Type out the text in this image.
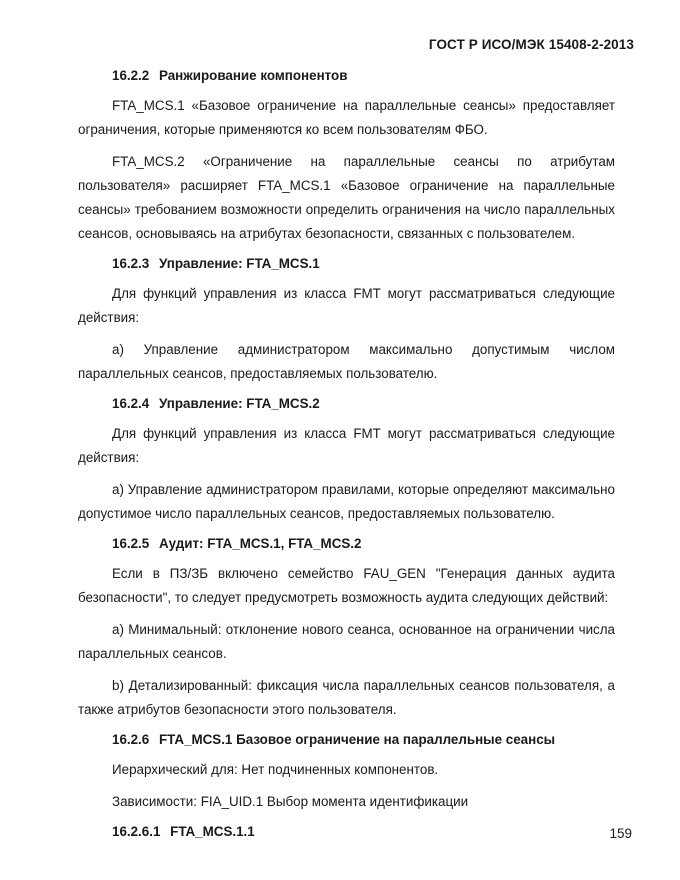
ГОСТ Р ИСО/МЭК 15408-2-2013
16.2.2 Ранжирование компонентов

FTA_MCS.1 «Базовое ограничение на параллельные сеансы» предоставляет ограничения, которые применяются ко всем пользователям ФБО.

FTA_MCS.2 «Ограничение на параллельные сеансы по атрибутам пользователя» расширяет FTA_MCS.1 «Базовое ограничение на параллельные сеансы» требованием возможности определить ограничения на число параллельных сеансов, основываясь на атрибутах безопасности, связанных с пользователем.

16.2.3 Управление: FTA_MCS.1

Для функций управления из класса FMT могут рассматриваться следующие действия:

а) Управление администратором максимально допустимым числом параллельных сеансов, предоставляемых пользователю.

16.2.4 Управление: FTA_MCS.2

Для функций управления из класса FMT могут рассматриваться следующие действия:

а) Управление администратором правилами, которые определяют максимально допустимое число параллельных сеансов, предоставляемых пользователю.

16.2.5 Аудит: FTA_MCS.1, FTA_MCS.2

Если в ПЗ/ЗБ включено семейство FAU_GEN "Генерация данных аудита безопасности", то следует предусмотреть возможность аудита следующих действий:

а) Минимальный: отклонение нового сеанса, основанное на ограничении числа параллельных сеансов.

b) Детализированный: фиксация числа параллельных сеансов пользователя, а также атрибутов безопасности этого пользователя.

16.2.6 FTA_MCS.1 Базовое ограничение на параллельные сеансы

Иерархический для: Нет подчиненных компонентов.

Зависимости: FIA_UID.1 Выбор момента идентификации

16.2.6.1 FTA_MCS.1.1	159
